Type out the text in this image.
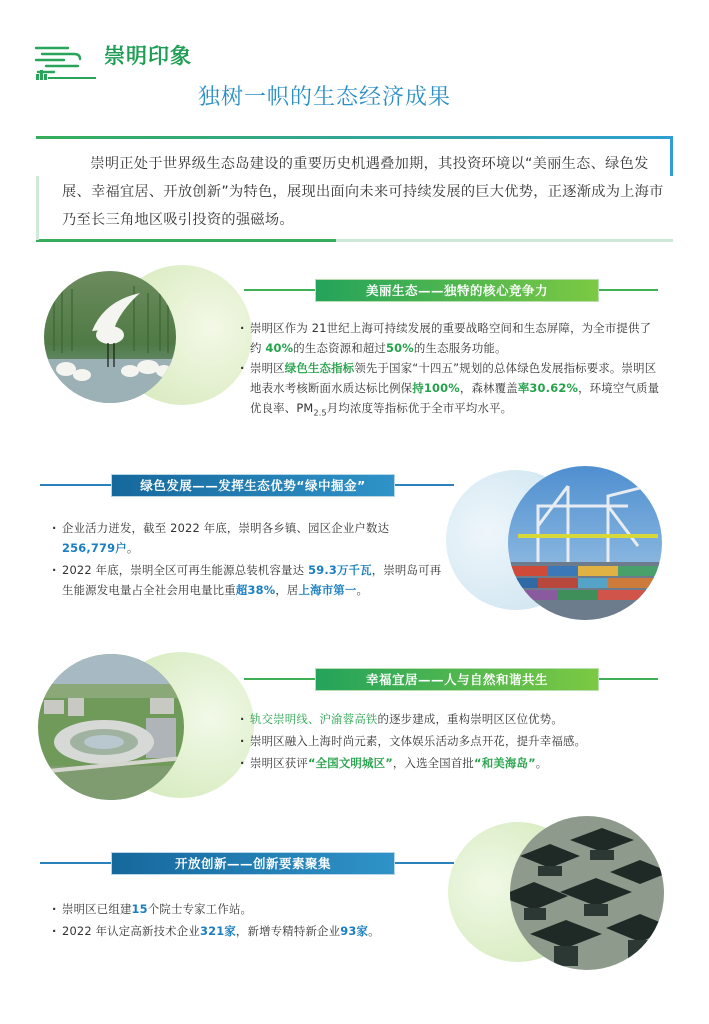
崇明印象
独树一帜的生态经济成果
崇明正处于世界级生态岛建设的重要历史机遇叠加期，其投资环境以“美丽生态、绿色发展、幸福宜居、开放创新”为特色，展现出面向未来可持续发展的巨大优势，正逐渐成为上海市乃至长三角地区吸引投资的强磁场。
美丽生态——独特的核心竞争力
· 崇明区作为 21世纪上海可持续发展的重要战略空间和生态屏障，为全市提供了约 40%的生态资源和超过50%的生态服务功能。
· 崇明区绿色生态指标领先于国家“十四五”规划的总体绿色发展指标要求。崇明区地表水考核断面水质达标比例保持100%，森林覆盖率30.62%，环境空气质量优良率、$PM_{2.5}$月均浓度等指标优于全市平均水平。
绿色发展——发挥生态优势“绿中掘金”
· 企业活力迸发，截至 2022 年底，崇明各乡镇、园区企业户数达 256,779户。
· 2022 年底，崇明全区可再生能源总装机容量达 59.3万千瓦，崇明岛可再生能源发电量占全社会用电量比重超38%，居上海市第一。
幸福宜居——人与自然和谐共生
· 轨交崇明线、沪渝蓉高铁的逐步建成，重构崇明区区位优势。
· 崇明区融入上海时尚元素，文体娱乐活动多点开花，提升幸福感。
· 崇明区获评“全国文明城区”，入选全国首批“和美海岛”。
开放创新——创新要素聚集
· 崇明区已组建15个院士专家工作站。
· 2022 年认定高新技术企业321家，新增专精特新企业93家。
